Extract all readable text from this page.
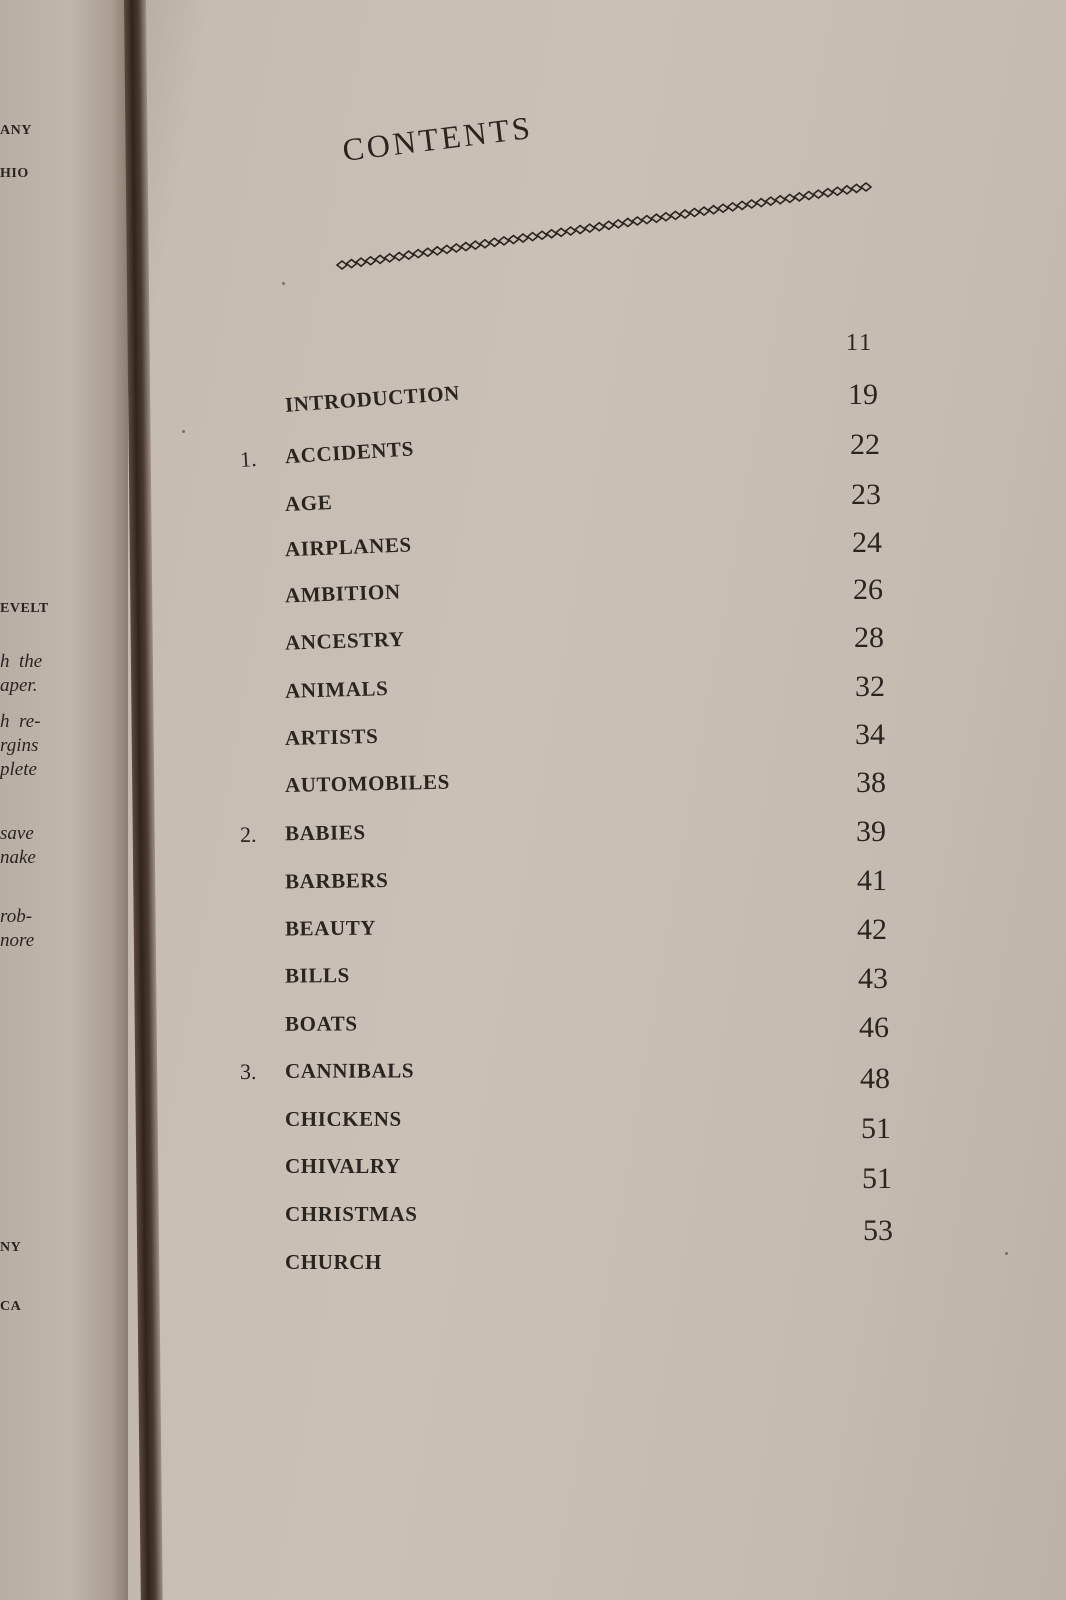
ANY
HIO
EVELT
h  the
aper.
h  re-
rgins
plete
save
nake
rob-
nore
NY
CA
CONTENTS
INTRODUCTION
1. ACCIDENTS
AGE
AIRPLANES
AMBITION
ANCESTRY
ANIMALS
ARTISTS
AUTOMOBILES
2. BABIES
BARBERS
BEAUTY
BILLS
BOATS
3. CANNIBALS
CHICKENS
CHIVALRY
CHRISTMAS
CHURCH
11
19
22
23
24
26
28
32
34
38
39
41
42
43
46
48
51
51
53
